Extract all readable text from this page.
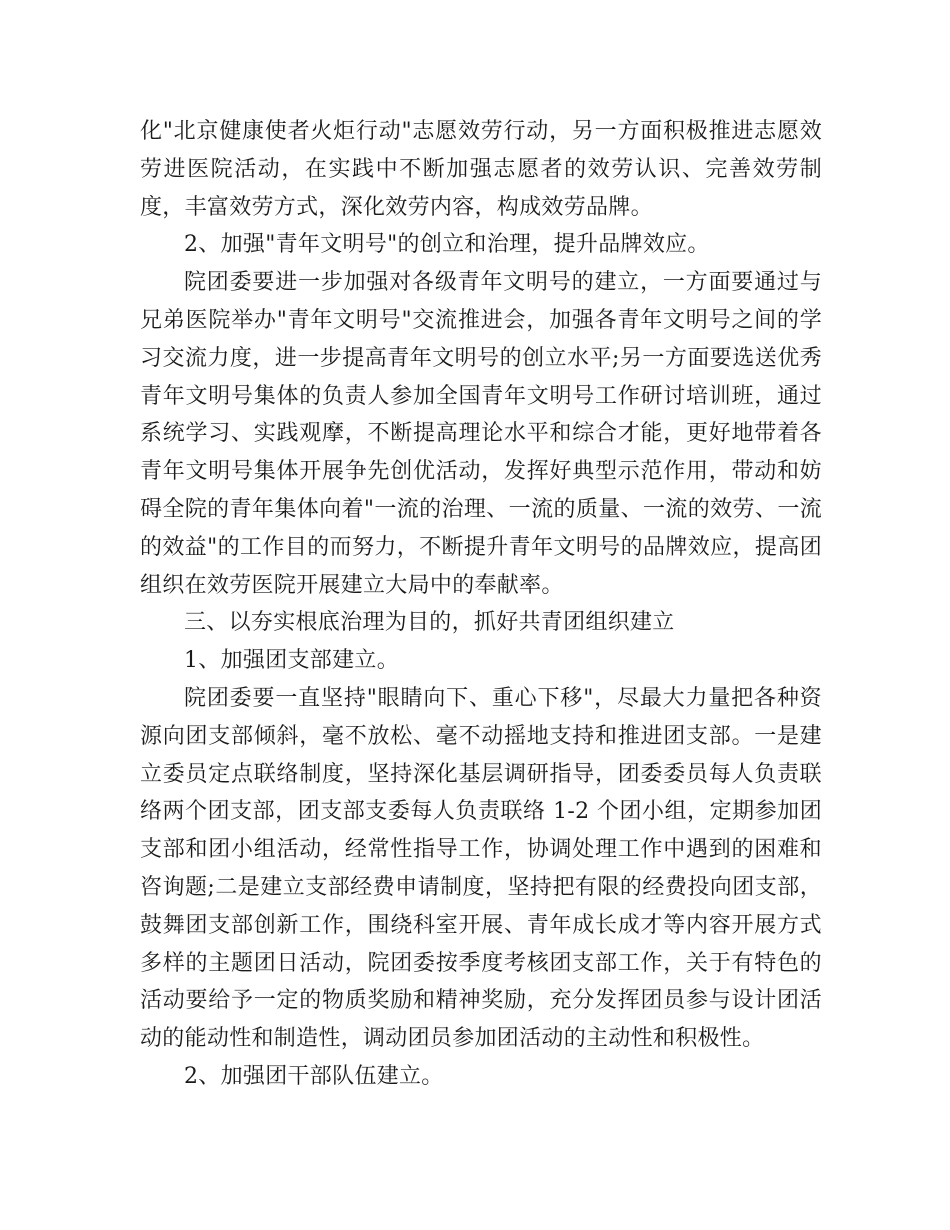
化"北京健康使者火炬行动"志愿效劳行动，另一方面积极推进志愿效劳进医院活动，在实践中不断加强志愿者的效劳认识、完善效劳制度，丰富效劳方式，深化效劳内容，构成效劳品牌。

2、加强"青年文明号"的创立和治理，提升品牌效应。

院团委要进一步加强对各级青年文明号的建立，一方面要通过与兄弟医院举办"青年文明号"交流推进会，加强各青年文明号之间的学习交流力度，进一步提高青年文明号的创立水平;另一方面要选送优秀青年文明号集体的负责人参加全国青年文明号工作研讨培训班，通过系统学习、实践观摩，不断提高理论水平和综合才能，更好地带着各青年文明号集体开展争先创优活动，发挥好典型示范作用，带动和妨碍全院的青年集体向着"一流的治理、一流的质量、一流的效劳、一流的效益"的工作目的而努力，不断提升青年文明号的品牌效应，提高团组织在效劳医院开展建立大局中的奉献率。

三、以夯实根底治理为目的，抓好共青团组织建立

1、加强团支部建立。

院团委要一直坚持"眼睛向下、重心下移"，尽最大力量把各种资源向团支部倾斜，毫不放松、毫不动摇地支持和推进团支部。一是建立委员定点联络制度，坚持深化基层调研指导，团委委员每人负责联络两个团支部，团支部支委每人负责联络 1-2 个团小组，定期参加团支部和团小组活动，经常性指导工作，协调处理工作中遇到的困难和咨询题;二是建立支部经费申请制度，坚持把有限的经费投向团支部，鼓舞团支部创新工作，围绕科室开展、青年成长成才等内容开展方式多样的主题团日活动，院团委按季度考核团支部工作，关于有特色的活动要给予一定的物质奖励和精神奖励，充分发挥团员参与设计团活动的能动性和制造性，调动团员参加团活动的主动性和积极性。

2、加强团干部队伍建立。
